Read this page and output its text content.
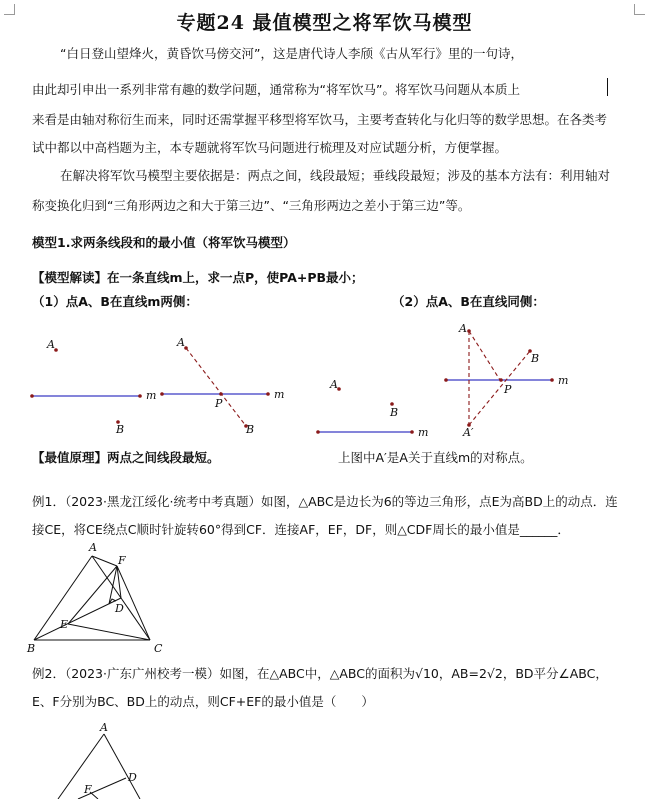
专题24 最值模型之将军饮马模型
“白日登山望烽火，黄昏饮马傍交河”，这是唐代诗人李颀《古从军行》里的一句诗，
由此却引申出一系列非常有趣的数学问题，通常称为“将军饮马”。将军饮马问题从本质上
来看是由轴对称衍生而来，同时还需掌握平移型将军饮马，主要考查转化与化归等的数学思想。在各类考
试中都以中高档题为主，本专题就将军饮马问题进行梳理及对应试题分析，方便掌握。
在解决将军饮马模型主要依据是：两点之间，线段最短；垂线段最短；涉及的基本方法有：利用轴对
称变换化归到“三角形两边之和大于第三边”、“三角形两边之差小于第三边”等。
模型1.求两条线段和的最小值（将军饮马模型）
【模型解读】在一条直线m上，求一点P，使PA+PB最小；
（1）点A、B在直线m两侧：	（2）点A、B在直线同侧：
A
B
m
A
B
P
m
A
B
m
A
B
A′
P
m
A
F
D
E
B	C
A
D
F
【最值原理】两点之间线段最短。	上图中A′是A关于直线m的对称点。
例1．（2023·黑龙江绥化·统考中考真题）如图，△ABC是边长为6的等边三角形，点E为高BD上的动点．连
接CE，将CE绕点C顺时针旋转60°得到CF．连接AF，EF，DF，则△CDF周长的最小值是______．
例2．（2023·广东广州校考一模）如图，在△ABC中，△ABC的面积为√10，AB=2√2，BD平分∠ABC，
E、F分别为BC、BD上的动点，则CF+EF的最小值是（　　）
